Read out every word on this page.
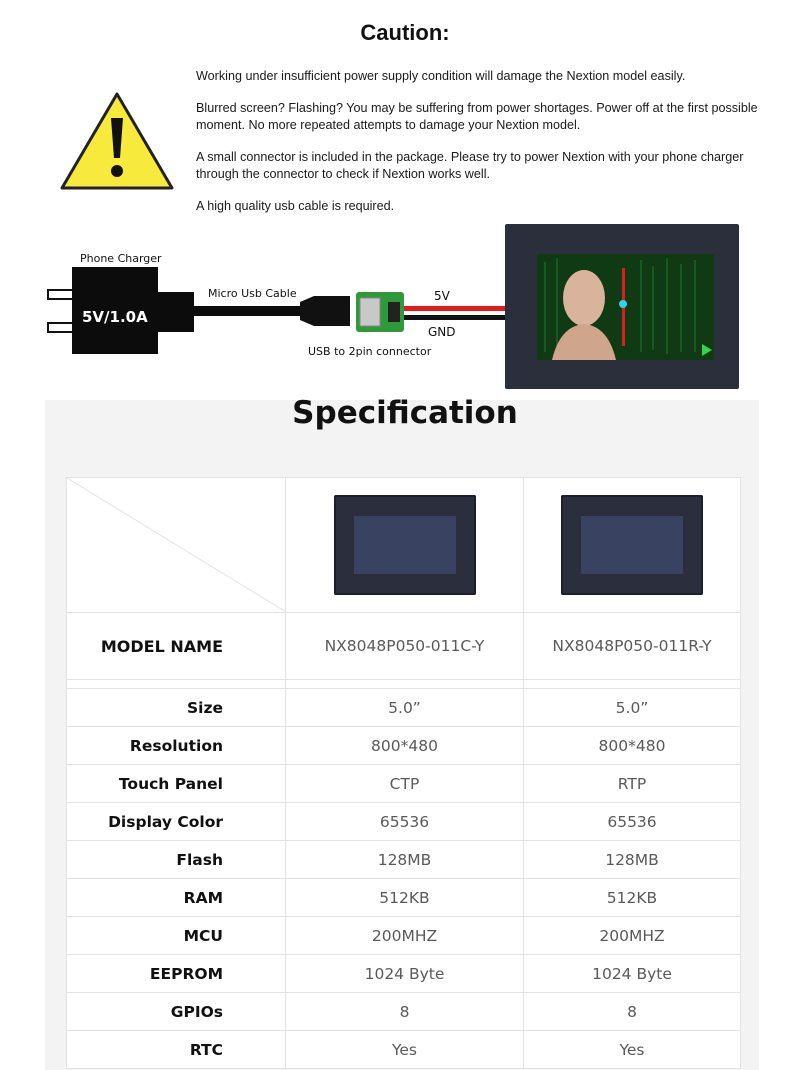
Caution:

Working under insufficient power supply condition will damage the Nextion model easily.

Blurred screen? Flashing? You may be suffering from power shortages. Power off at the first possible moment. No more repeated attempts to damage your Nextion model.

A small connector is included in the package. Please try to power Nextion with your phone charger through the connector to check if Nextion works well.

A high quality usb cable is required.

5V/1.0A
Phone Charger
Micro Usb Cable
USB to 2pin connector
5V
GND
Specification

MODEL NAME	NX8048P050-011C-Y	NX8048P050-011R-Y

Size	5.0”	5.0”
Resolution	800*480	800*480
Touch Panel	CTP	RTP
Display Color	65536	65536
Flash	128MB	128MB
RAM	512KB	512KB
MCU	200MHZ	200MHZ
EEPROM	1024 Byte	1024 Byte
GPIOs	8	8
RTC	Yes	Yes
